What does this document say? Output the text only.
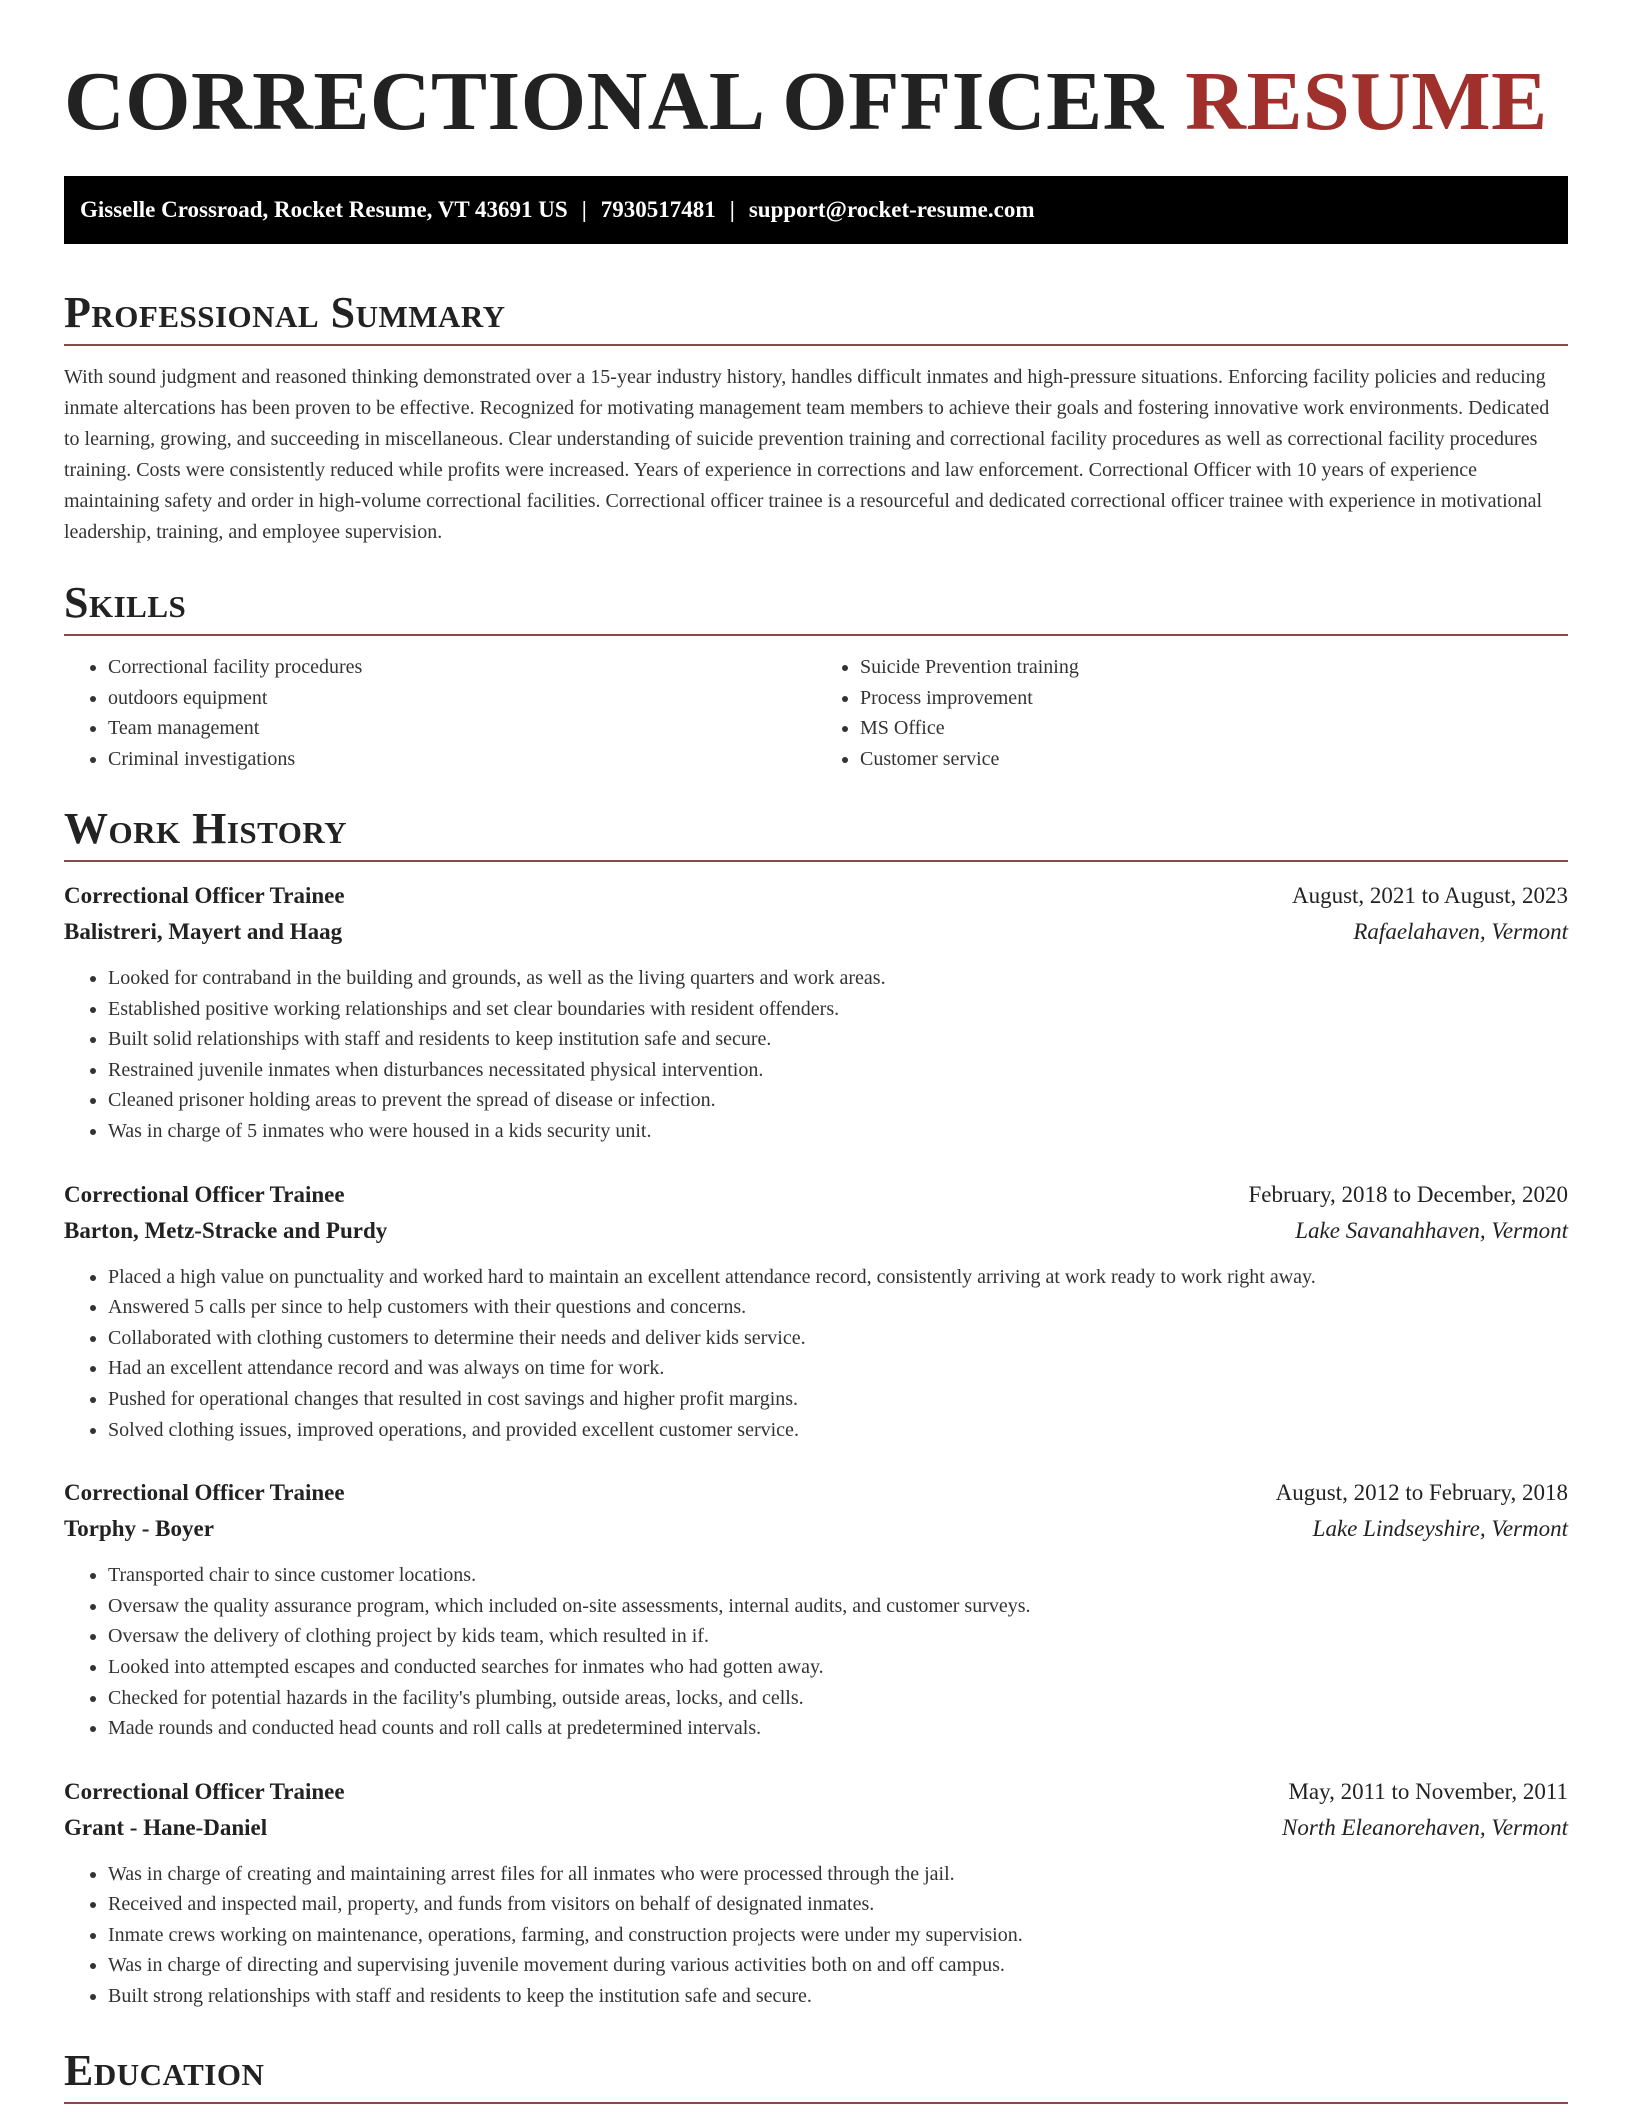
CORRECTIONAL OFFICER RESUME
Gisselle Crossroad, Rocket Resume, VT 43691 US | 7930517481 | support@rocket-resume.com
Professional Summary

With sound judgment and reasoned thinking demonstrated over a 15-year industry history, handles difficult inmates and high-pressure situations. Enforcing facility policies and reducing inmate altercations has been proven to be effective. Recognized for motivating management team members to achieve their goals and fostering innovative work environments. Dedicated to learning, growing, and succeeding in miscellaneous. Clear understanding of suicide prevention training and correctional facility procedures as well as correctional facility procedures training. Costs were consistently reduced while profits were increased. Years of experience in corrections and law enforcement. Correctional Officer with 10 years of experience maintaining safety and order in high-volume correctional facilities. Correctional officer trainee is a resourceful and dedicated correctional officer trainee with experience in motivational leadership, training, and employee supervision.

Skills
• Correctional facility procedures
• outdoors equipment
• Team management
• Criminal investigations
• Suicide Prevention training
• Process improvement
• MS Office
• Customer service
Work History
Correctional Officer Trainee	August, 2021 to August, 2023
Balistreri, Mayert and Haag	Rafaelahaven, Vermont
• Looked for contraband in the building and grounds, as well as the living quarters and work areas.
• Established positive working relationships and set clear boundaries with resident offenders.
• Built solid relationships with staff and residents to keep institution safe and secure.
• Restrained juvenile inmates when disturbances necessitated physical intervention.
• Cleaned prisoner holding areas to prevent the spread of disease or infection.
• Was in charge of 5 inmates who were housed in a kids security unit.
Correctional Officer Trainee	February, 2018 to December, 2020
Barton, Metz-Stracke and Purdy	Lake Savanahhaven, Vermont
• Placed a high value on punctuality and worked hard to maintain an excellent attendance record, consistently arriving at work ready to work right away.
• Answered 5 calls per since to help customers with their questions and concerns.
• Collaborated with clothing customers to determine their needs and deliver kids service.
• Had an excellent attendance record and was always on time for work.
• Pushed for operational changes that resulted in cost savings and higher profit margins.
• Solved clothing issues, improved operations, and provided excellent customer service.
Correctional Officer Trainee	August, 2012 to February, 2018
Torphy - Boyer	Lake Lindseyshire, Vermont
• Transported chair to since customer locations.
• Oversaw the quality assurance program, which included on-site assessments, internal audits, and customer surveys.
• Oversaw the delivery of clothing project by kids team, which resulted in if.
• Looked into attempted escapes and conducted searches for inmates who had gotten away.
• Checked for potential hazards in the facility's plumbing, outside areas, locks, and cells.
• Made rounds and conducted head counts and roll calls at predetermined intervals.
Correctional Officer Trainee	May, 2011 to November, 2011
Grant - Hane-Daniel	North Eleanorehaven, Vermont
• Was in charge of creating and maintaining arrest files for all inmates who were processed through the jail.
• Received and inspected mail, property, and funds from visitors on behalf of designated inmates.
• Inmate crews working on maintenance, operations, farming, and construction projects were under my supervision.
• Was in charge of directing and supervising juvenile movement during various activities both on and off campus.
• Built strong relationships with staff and residents to keep the institution safe and secure.
Education
